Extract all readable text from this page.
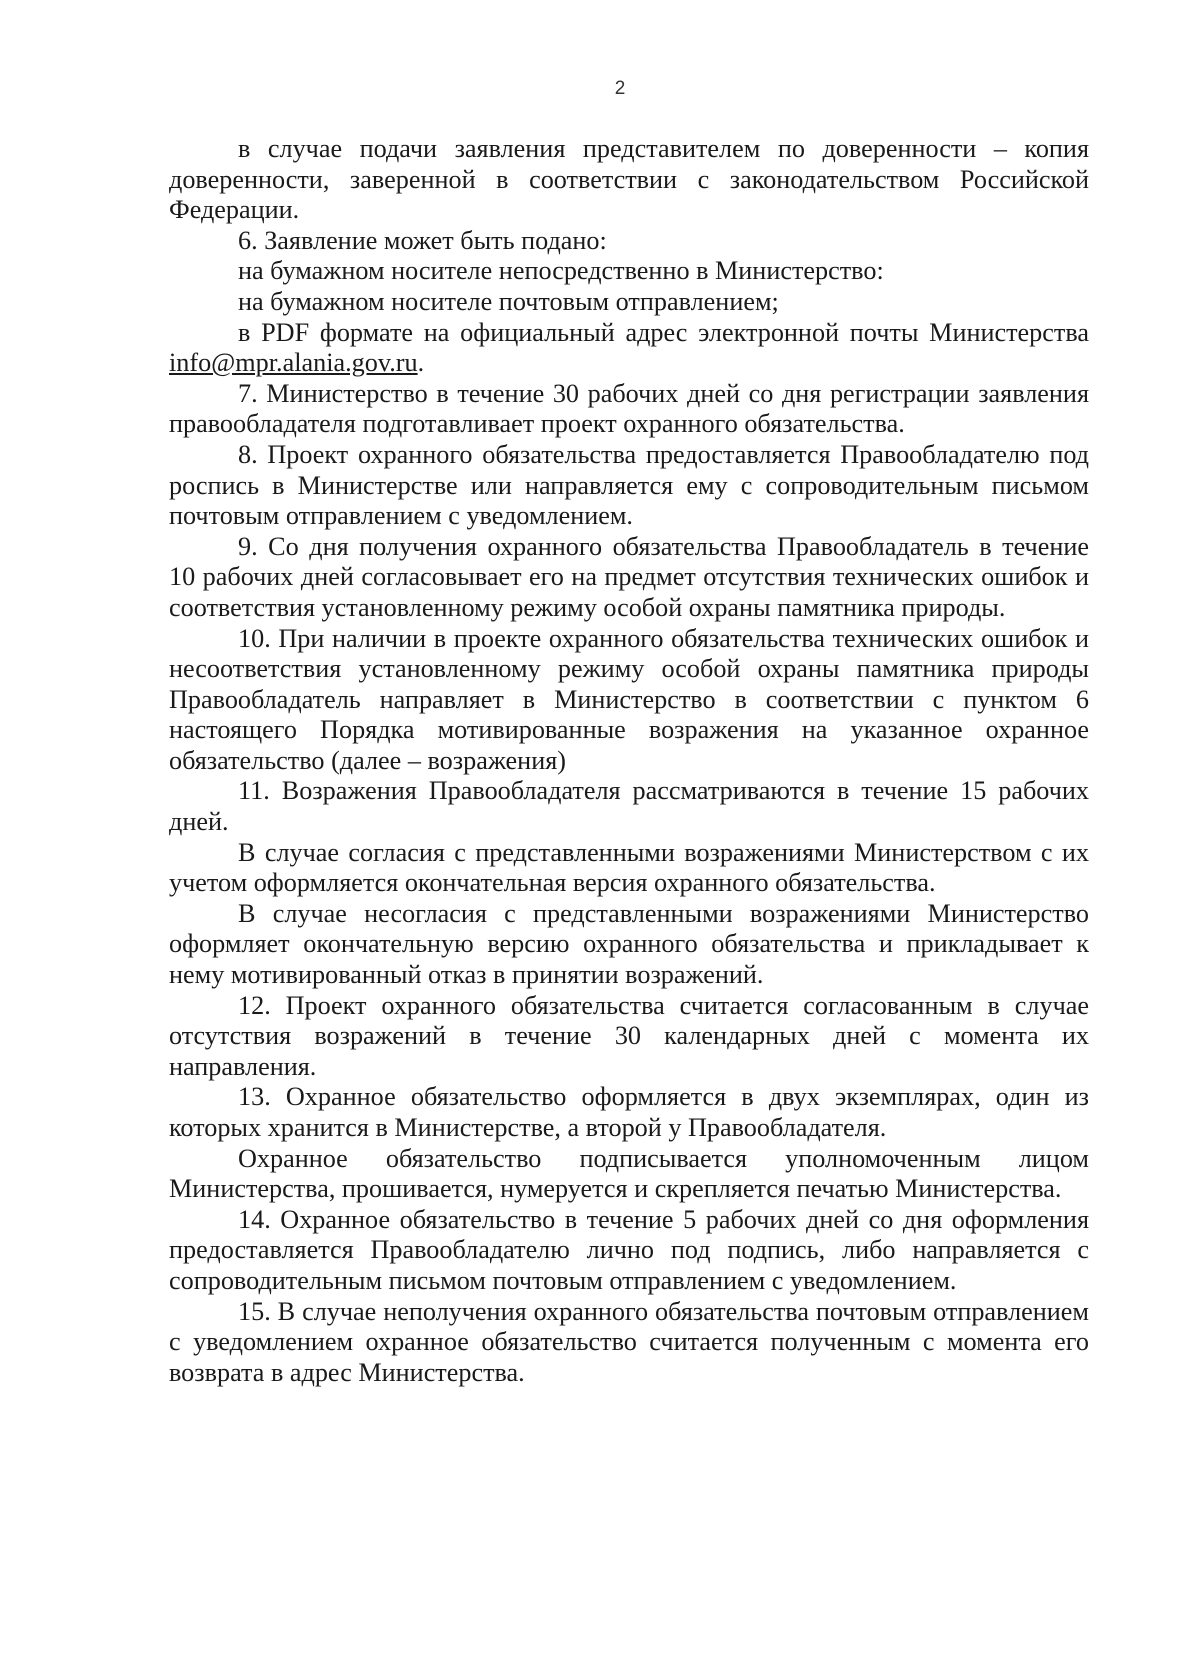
2

в случае подачи заявления представителем по доверенности – копия доверенности, заверенной в соответствии с законодательством Российской Федерации.

6. Заявление может быть подано:

на бумажном носителе непосредственно в Министерство:

на бумажном носителе почтовым отправлением;

в PDF формате на официальный адрес электронной почты Министерства info@mpr.alania.gov.ru.

7. Министерство в течение 30 рабочих дней со дня регистрации заявления правообладателя подготавливает проект охранного обязательства.

8. Проект охранного обязательства предоставляется Правообладателю под роспись в Министерстве или направляется ему с сопроводительным письмом почтовым отправлением с уведомлением.

9. Со дня получения охранного обязательства Правообладатель в течение 10 рабочих дней согласовывает его на предмет отсутствия технических ошибок и соответствия установленному режиму особой охраны памятника природы.

10. При наличии в проекте охранного обязательства технических ошибок и несоответствия установленному режиму особой охраны памятника природы Правообладатель направляет в Министерство в соответствии с пунктом 6 настоящего Порядка мотивированные возражения на указанное охранное обязательство (далее – возражения)

11. Возражения Правообладателя рассматриваются в течение 15 рабочих дней.

В случае согласия с представленными возражениями Министерством с их учетом оформляется окончательная версия охранного обязательства.

В случае несогласия с представленными возражениями Министерство оформляет окончательную версию охранного обязательства и прикладывает к нему мотивированный отказ в принятии возражений.

12. Проект охранного обязательства считается согласованным в случае отсутствия возражений в течение 30 календарных дней с момента их направления.

13. Охранное обязательство оформляется в двух экземплярах, один из которых хранится в Министерстве, а второй у Правообладателя.

Охранное обязательство подписывается уполномоченным лицом Министерства, прошивается, нумеруется и скрепляется печатью Министерства.

14. Охранное обязательство в течение 5 рабочих дней со дня оформления предоставляется Правообладателю лично под подпись, либо направляется с сопроводительным письмом почтовым отправлением с уведомлением.

15. В случае неполучения охранного обязательства почтовым отправлением с уведомлением охранное обязательство считается полученным с момента его возврата в адрес Министерства.
